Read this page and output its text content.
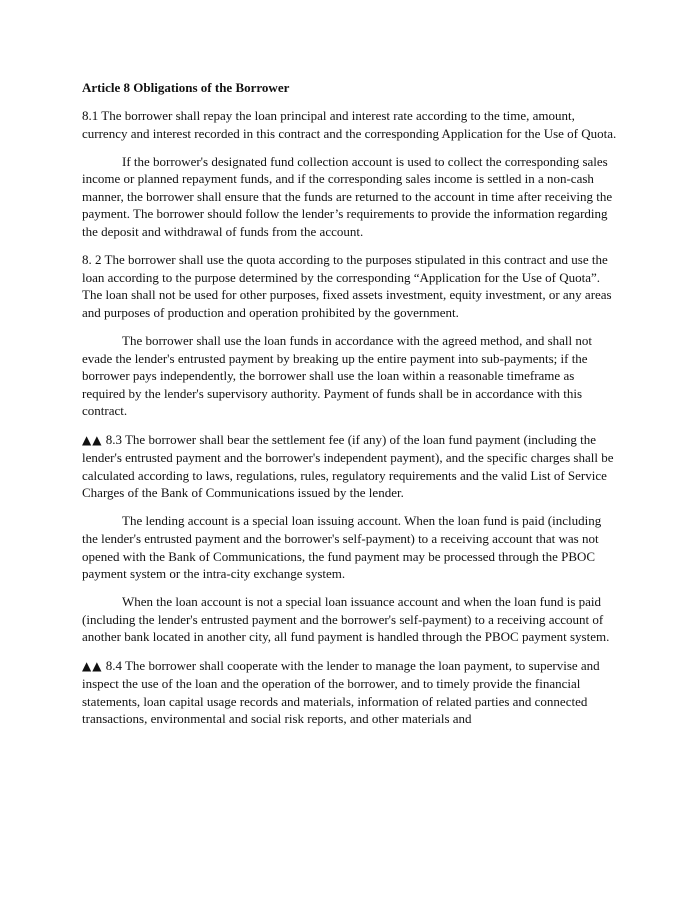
Article 8 Obligations of the Borrower

8.1 The borrower shall repay the loan principal and interest rate according to the time, amount, currency and interest recorded in this contract and the corresponding Application for the Use of Quota.

If the borrower's designated fund collection account is used to collect the corresponding sales income or planned repayment funds, and if the corresponding sales income is settled in a non-cash manner, the borrower shall ensure that the funds are returned to the account in time after receiving the payment. The borrower should follow the lender’s requirements to provide the information regarding the deposit and withdrawal of funds from the account.

8. 2 The borrower shall use the quota according to the purposes stipulated in this contract and use the loan according to the purpose determined by the corresponding “Application for the Use of Quota”. The loan shall not be used for other purposes, fixed assets investment, equity investment, or any areas and purposes of production and operation prohibited by the government.

The borrower shall use the loan funds in accordance with the agreed method, and shall not evade the lender's entrusted payment by breaking up the entire payment into sub-payments; if the borrower pays independently, the borrower shall use the loan within a reasonable timeframe as required by the lender's supervisory authority. Payment of funds shall be in accordance with this contract.

▲▲ 8.3 The borrower shall bear the settlement fee (if any) of the loan fund payment (including the lender's entrusted payment and the borrower's independent payment), and the specific charges shall be calculated according to laws, regulations, rules, regulatory requirements and the valid List of Service Charges of the Bank of Communications issued by the lender.

The lending account is a special loan issuing account. When the loan fund is paid (including the lender's entrusted payment and the borrower's self-payment) to a receiving account that was not opened with the Bank of Communications, the fund payment may be processed through the PBOC payment system or the intra-city exchange system.

When the loan account is not a special loan issuance account and when the loan fund is paid (including the lender's entrusted payment and the borrower's self-payment) to a receiving account of another bank located in another city, all fund payment is handled through the PBOC payment system.

▲▲ 8.4 The borrower shall cooperate with the lender to manage the loan payment, to supervise and inspect the use of the loan and the operation of the borrower, and to timely provide the financial statements, loan capital usage records and materials, information of related parties and connected transactions, environmental and social risk reports, and other materials and
